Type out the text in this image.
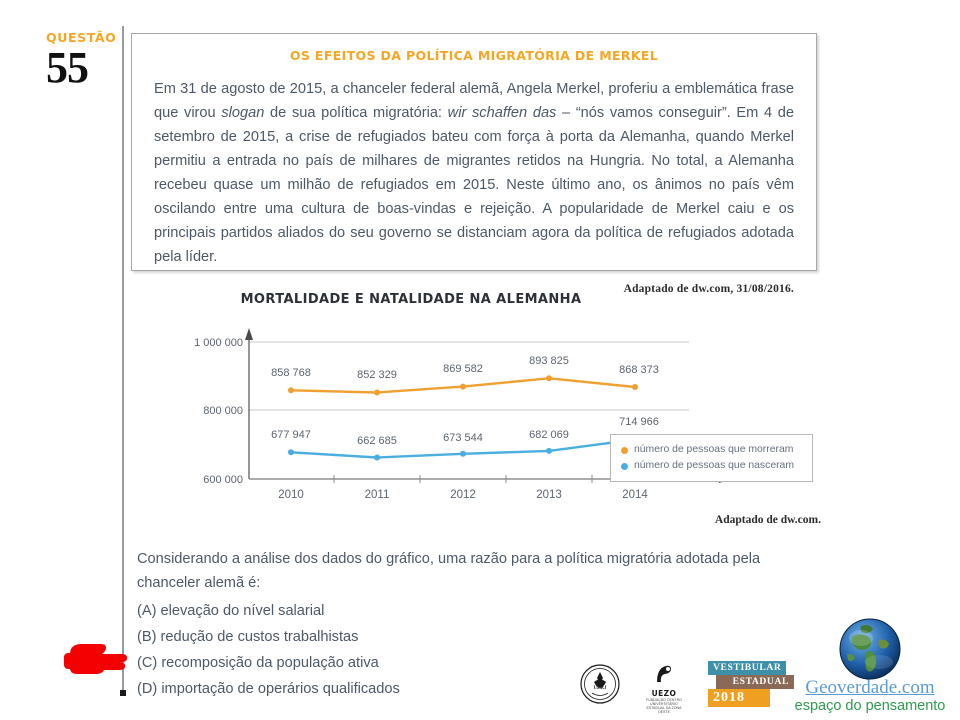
QUESTÃO
55	OS EFEITOS DA POLÍTICA MIGRATÓRIA DE MERKEL

Em 31 de agosto de 2015, a chanceler federal alemã, Angela Merkel, proferiu a emblemática frase que virou slogan de sua política migratória: wir schaffen das – “nós vamos conseguir”. Em 4 de setembro de 2015, a crise de refugiados bateu com força à porta da Alemanha, quando Merkel permitiu a entrada no país de milhares de migrantes retidos na Hungria. No total, a Alemanha recebeu quase um milhão de refugiados em 2015. Neste último ano, os ânimos no país vêm oscilando entre uma cultura de boas-vindas e rejeição. A popularidade de Merkel caiu e os principais partidos aliados do seu governo se distanciam agora da política de refugiados adotada pela líder.

Adaptado de dw.com, 31/08/2016.
MORTALIDADE E NATALIDADE NA ALEMANHA
1 000 000
800 000
600 000
2010	2011	2012	2013	2014
858 768	852 329	869 582
893 825
868 373
677 947	662 685	673 544	682 069
714 966
número de pessoas que morreram
número de pessoas que nasceram
Adaptado de dw.com.
Considerando a análise dos dados do gráfico, uma razão para a política migratória adotada pela chanceler alemã é:
(A) elevação do nível salarial
(B) redução de custos trabalhistas
(C) recomposição da população ativa
(D) importação de operários qualificados	UERJ
UEZO
FUNDAÇÃO CENTRO UNIVERSITÁRIO ESTADUAL DA ZONA OESTE
VESTIBULAR
ESTADUAL
2018	Geoverdade.com
espaço do pensamento
